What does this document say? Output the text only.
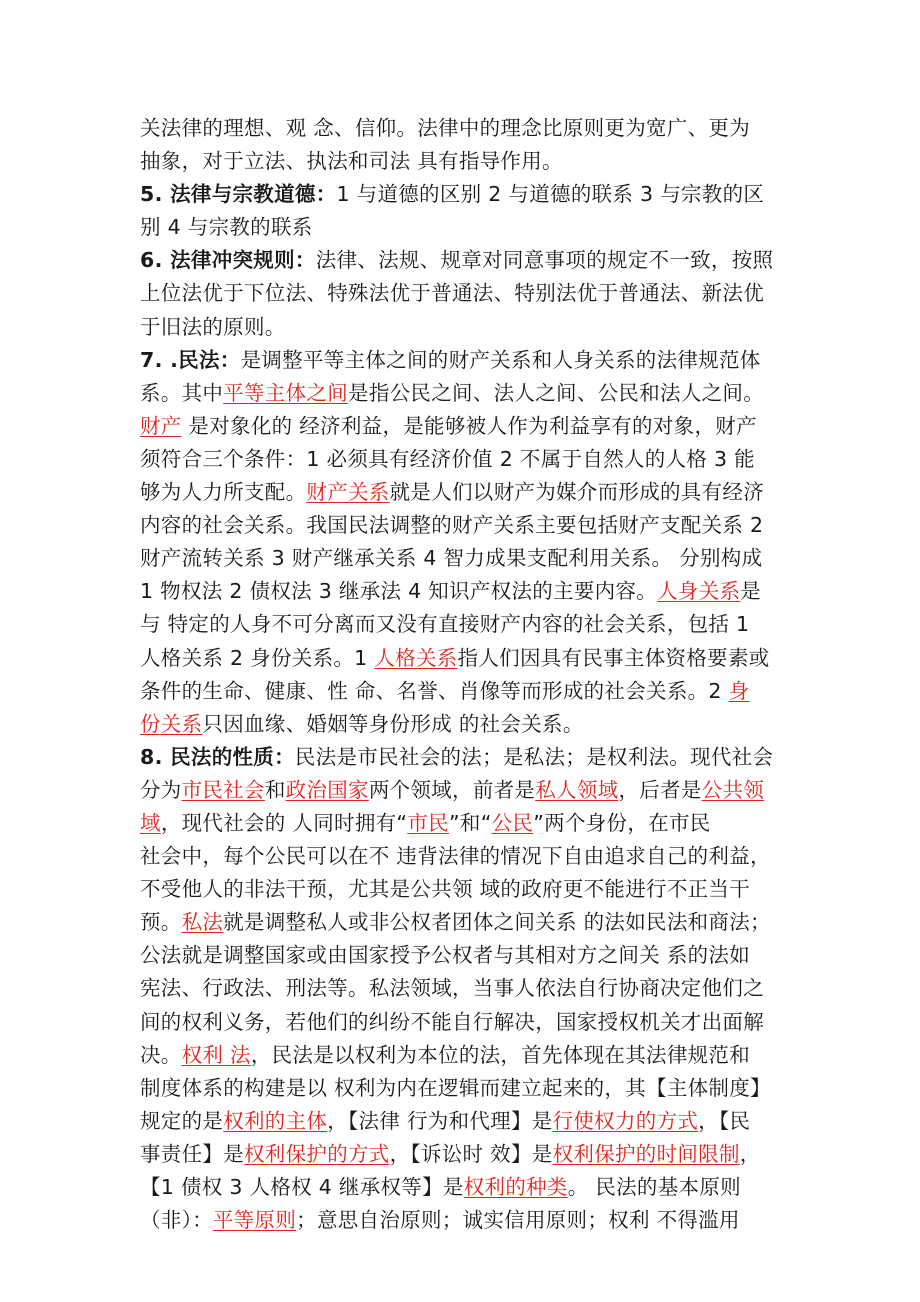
关法律的理想、观 念、信仰。法律中的理念比原则更为宽广、更为
抽象，对于立法、执法和司法 具有指导作用。
5. 法律与宗教道德：1 与道德的区别 2 与道德的联系 3 与宗教的区
别 4 与宗教的联系
6. 法律冲突规则：法律、法规、规章对同意事项的规定不一致，按照
上位法优于下位法、特殊法优于普通法、特别法优于普通法、新法优
于旧法的原则。
7. .民法：是调整平等主体之间的财产关系和人身关系的法律规范体
系。其中平等主体之间是指公民之间、法人之间、公民和法人之间。
财产 是对象化的 经济利益，是能够被人作为利益享有的对象，财产
须符合三个条件：1 必须具有经济价值 2 不属于自然人的人格 3 能
够为人力所支配。财产关系就是人们以财产为媒介而形成的具有经济
内容的社会关系。我国民法调整的财产关系主要包括财产支配关系 2
财产流转关系 3 财产继承关系 4 智力成果支配利用关系。 分别构成
1 物权法 2 债权法 3 继承法 4 知识产权法的主要内容。人身关系是
与 特定的人身不可分离而又没有直接财产内容的社会关系，包括 1
人格关系 2 身份关系。1 人格关系指人们因具有民事主体资格要素或
条件的生命、健康、性 命、名誉、肖像等而形成的社会关系。2 身
份关系只因血缘、婚姻等身份形成 的社会关系。
8. 民法的性质：民法是市民社会的法；是私法；是权利法。现代社会
分为市民社会和政治国家两个领域，前者是私人领域，后者是公共领
域，现代社会的 人同时拥有“市民”和“公民”两个身份，在市民
社会中，每个公民可以在不 违背法律的情况下自由追求自己的利益，
不受他人的非法干预，尤其是公共领 域的政府更不能进行不正当干
预。私法就是调整私人或非公权者团体之间关系 的法如民法和商法；
公法就是调整国家或由国家授予公权者与其相对方之间关 系的法如
宪法、行政法、刑法等。私法领域，当事人依法自行协商决定他们之
间的权利义务，若他们的纠纷不能自行解决，国家授权机关才出面解
决。权利 法，民法是以权利为本位的法，首先体现在其法律规范和
制度体系的构建是以 权利为内在逻辑而建立起来的，其【主体制度】
规定的是权利的主体，【法律 行为和代理】是行使权力的方式，【民
事责任】是权利保护的方式，【诉讼时 效】是权利保护的时间限制，
【1 债权 3 人格权 4 继承权等】是权利的种类。 民法的基本原则
（非）：平等原则；意思自治原则；诚实信用原则；权利 不得滥用
